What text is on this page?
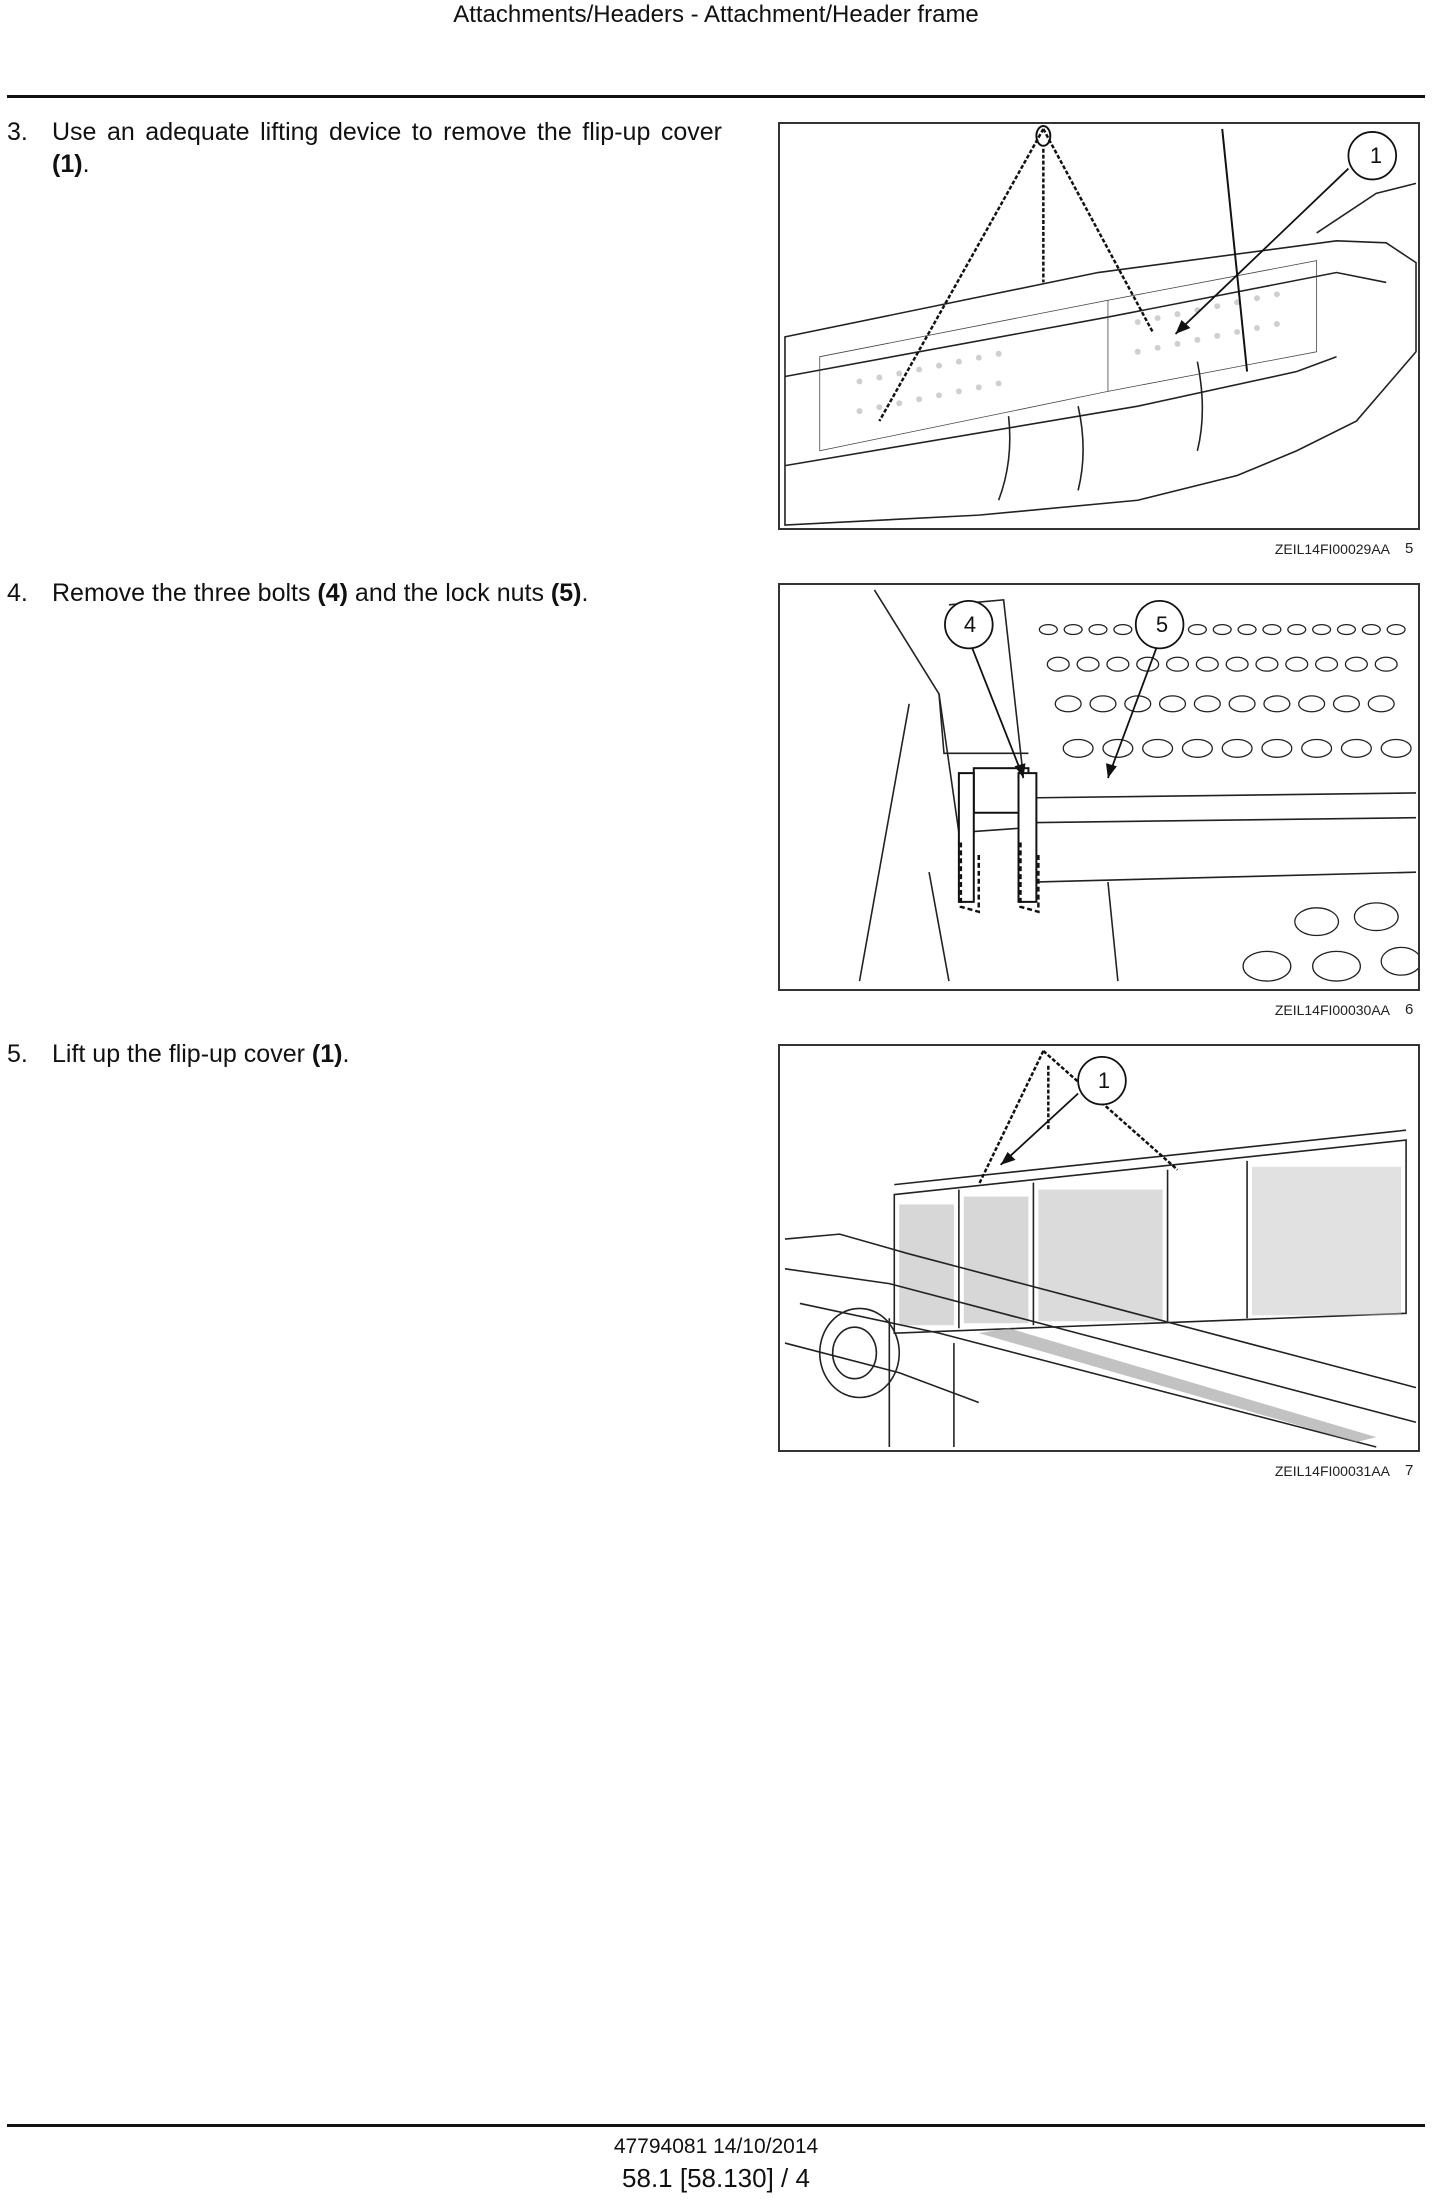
Attachments/Headers - Attachment/Header frame
3. Use an adequate lifting device to remove the flip-up cover (1).	1
ZEIL14FI00029AA 5
4. Remove the three bolts (4) and the lock nuts (5).
4	5
ZEIL14FI00030AA 6
5. Lift up the flip-up cover (1).
1
ZEIL14FI00031AA 7
47794081 14/10/2014
58.1 [58.130] / 4
